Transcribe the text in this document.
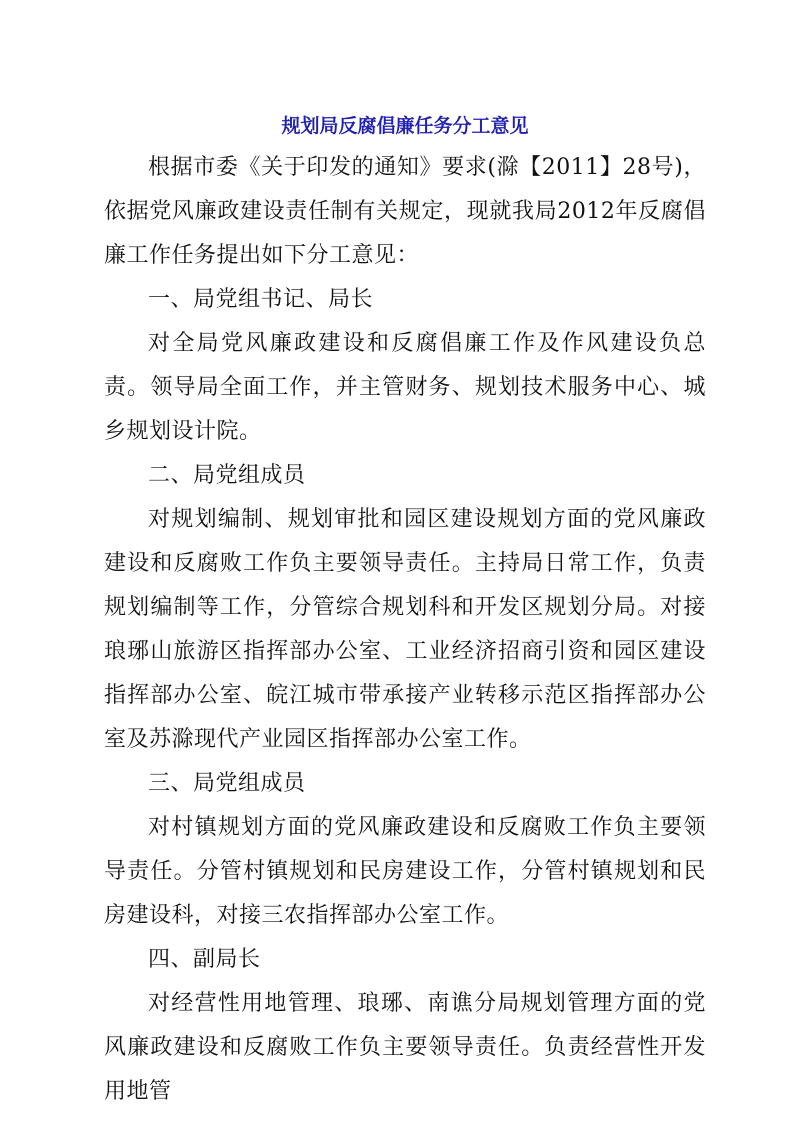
规划局反腐倡廉任务分工意见

根据市委《关于印发的通知》要求(滁【2011】28号)，依据党风廉政建设责任制有关规定，现就我局2012年反腐倡廉工作任务提出如下分工意见：

一、局党组书记、局长

对全局党风廉政建设和反腐倡廉工作及作风建设负总责。领导局全面工作，并主管财务、规划技术服务中心、城乡规划设计院。

二、局党组成员

对规划编制、规划审批和园区建设规划方面的党风廉政建设和反腐败工作负主要领导责任。主持局日常工作，负责规划编制等工作，分管综合规划科和开发区规划分局。对接琅琊山旅游区指挥部办公室、工业经济招商引资和园区建设指挥部办公室、皖江城市带承接产业转移示范区指挥部办公室及苏滁现代产业园区指挥部办公室工作。

三、局党组成员

对村镇规划方面的党风廉政建设和反腐败工作负主要领导责任。分管村镇规划和民房建设工作，分管村镇规划和民房建设科，对接三农指挥部办公室工作。

四、副局长

对经营性用地管理、琅琊、南谯分局规划管理方面的党风廉政建设和反腐败工作负主要领导责任。负责经营性开发用地管
